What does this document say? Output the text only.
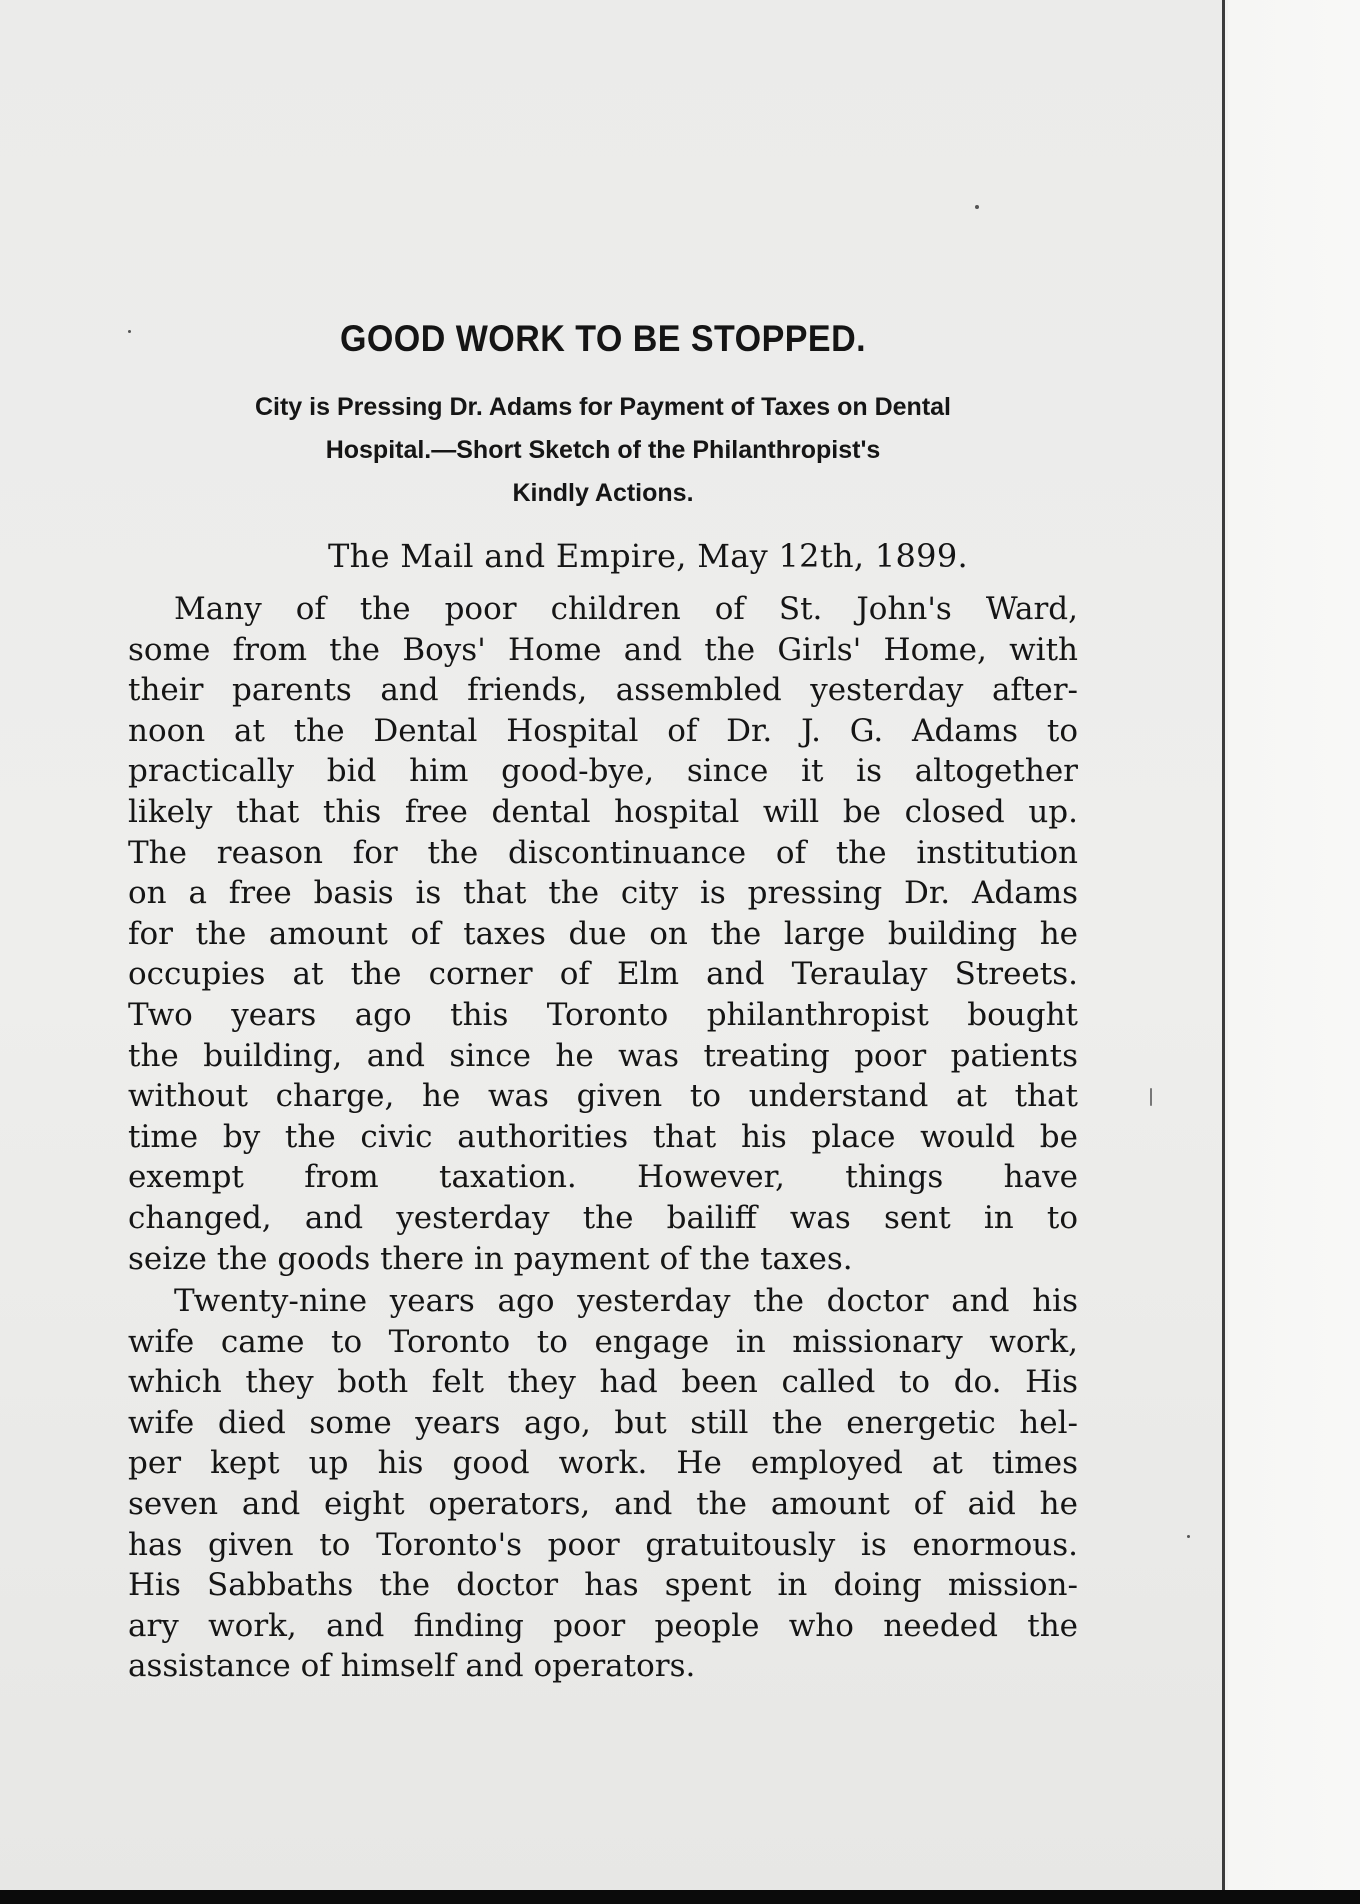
GOOD WORK TO BE STOPPED.
City is Pressing Dr. Adams for Payment of Taxes on Dental
Hospital.—Short Sketch of the Philanthropist's
Kindly Actions.
The Mail and Empire, May 12th, 1899.
Many of the poor children of St. John's Ward,
some from the Boys' Home and the Girls' Home, with
their parents and friends, assembled yesterday after-
noon at the Dental Hospital of Dr. J. G. Adams to
practically bid him good-bye, since it is altogether
likely that this free dental hospital will be closed up.
The reason for the discontinuance of the institution
on a free basis is that the city is pressing Dr. Adams
for the amount of taxes due on the large building he
occupies at the corner of Elm and Teraulay Streets.
Two years ago this Toronto philanthropist bought
the building, and since he was treating poor patients
without charge, he was given to understand at that
time by the civic authorities that his place would be
exempt from taxation. However, things have
changed, and yesterday the bailiff was sent in to
seize the goods there in payment of the taxes.
Twenty-nine years ago yesterday the doctor and his
wife came to Toronto to engage in missionary work,
which they both felt they had been called to do. His
wife died some years ago, but still the energetic hel-
per kept up his good work. He employed at times
seven and eight operators, and the amount of aid he
has given to Toronto's poor gratuitously is enormous.
His Sabbaths the doctor has spent in doing mission-
ary work, and finding poor people who needed the
assistance of himself and operators.
